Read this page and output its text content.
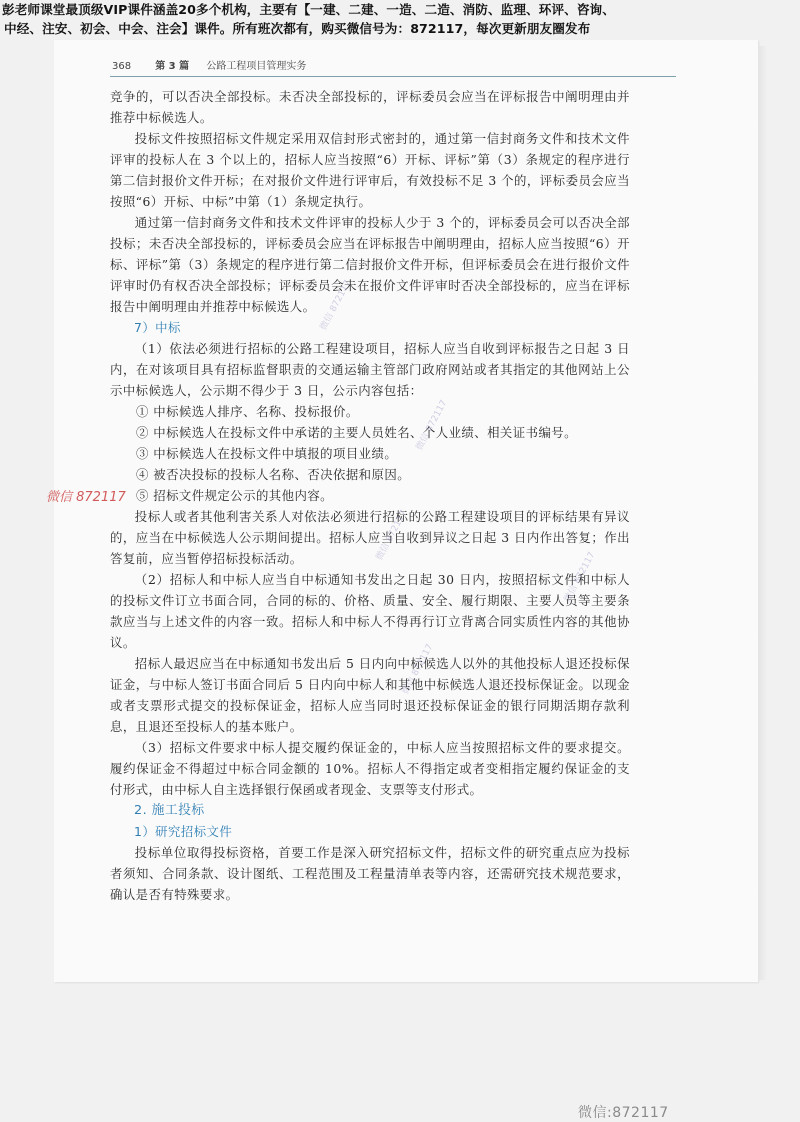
彭老师课堂最顶级VIP课件涵盖20多个机构，主要有【一建、二建、一造、二造、消防、监理、环评、咨询、
中经、注安、初会、中会、注会】课件。所有班次都有，购买微信号为：872117，每次更新朋友圈发布
368 第 3 篇 公路工程项目管理实务

竞争的，可以否决全部投标。未否决全部投标的，评标委员会应当在评标报告中阐明理由并推荐中标候选人。

投标文件按照招标文件规定采用双信封形式密封的，通过第一信封商务文件和技术文件评审的投标人在 3 个以上的，招标人应当按照“6）开标、评标”第（3）条规定的程序进行第二信封报价文件开标；在对报价文件进行评审后，有效投标不足 3 个的，评标委员会应当按照“6）开标、中标”中第（1）条规定执行。

通过第一信封商务文件和技术文件评审的投标人少于 3 个的，评标委员会可以否决全部投标；未否决全部投标的，评标委员会应当在评标报告中阐明理由，招标人应当按照“6）开标、评标”第（3）条规定的程序进行第二信封报价文件开标，但评标委员会在进行报价文件评审时仍有权否决全部投标；评标委员会未在报价文件评审时否决全部投标的，应当在评标报告中阐明理由并推荐中标候选人。

7）中标

（1）依法必须进行招标的公路工程建设项目，招标人应当自收到评标报告之日起 3 日内，在对该项目具有招标监督职责的交通运输主管部门政府网站或者其指定的其他网站上公示中标候选人，公示期不得少于 3 日，公示内容包括：

① 中标候选人排序、名称、投标报价。

② 中标候选人在投标文件中承诺的主要人员姓名、个人业绩、相关证书编号。

③ 中标候选人在投标文件中填报的项目业绩。

④ 被否决投标的投标人名称、否决依据和原因。

⑤ 招标文件规定公示的其他内容。

投标人或者其他利害关系人对依法必须进行招标的公路工程建设项目的评标结果有异议的，应当在中标候选人公示期间提出。招标人应当自收到异议之日起 3 日内作出答复；作出答复前，应当暂停招标投标活动。

（2）招标人和中标人应当自中标通知书发出之日起 30 日内，按照招标文件和中标人的投标文件订立书面合同，合同的标的、价格、质量、安全、履行期限、主要人员等主要条款应当与上述文件的内容一致。招标人和中标人不得再行订立背离合同实质性内容的其他协议。

招标人最迟应当在中标通知书发出后 5 日内向中标候选人以外的其他投标人退还投标保证金，与中标人签订书面合同后 5 日内向中标人和其他中标候选人退还投标保证金。以现金或者支票形式提交的投标保证金，招标人应当同时退还投标保证金的银行同期活期存款利息，且退还至投标人的基本账户。

（3）招标文件要求中标人提交履约保证金的，中标人应当按照招标文件的要求提交。履约保证金不得超过中标合同金额的 10%。招标人不得指定或者变相指定履约保证金的支付形式，由中标人自主选择银行保函或者现金、支票等支付形式。

2. 施工投标

1）研究招标文件

投标单位取得投标资格，首要工作是深入研究招标文件，招标文件的研究重点应为投标者须知、合同条款、设计图纸、工程范围及工程量清单表等内容，还需研究技术规范要求，确认是否有特殊要求。

微信 872117
微信 872117
微信 872117
微信 872117
微信 872117
微信 872117
微信:872117
